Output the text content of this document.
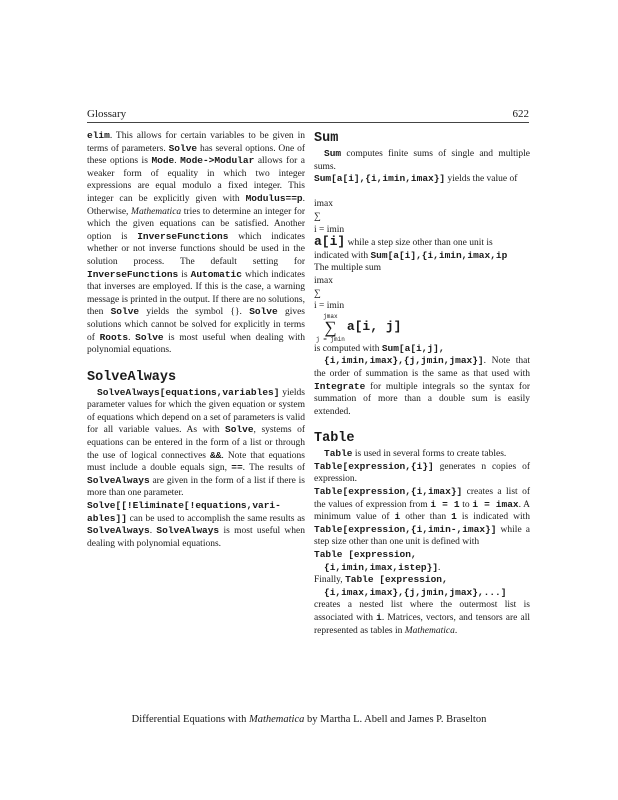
Glossary	622

elim. This allows for certain variables to be given in terms of parameters. Solve has several options. One of these options is Mode. Mode->Modular allows for a weaker form of equality in which two integer expressions are equal modulo a fixed integer. This integer can be explicitly given with Modulus==p. Otherwise, Mathematica tries to determine an integer for which the given equations can be satisfied. Another option is InverseFunctions which indicates whether or not inverse functions should be used in the solution process. The default setting for InverseFunctions is Automatic which indicates that inverses are employed. If this is the case, a warning message is printed in the output. If there are no solutions, then Solve yields the symbol {}. Solve gives solutions which cannot be solved for explicitly in terms of Roots. Solve is most useful when dealing with polynomial equations.

SolveAlways

SolveAlways[equations,variables] yields parameter values for which the given equation or system of equations which depend on a set of parameters is valid for all variable values. As with Solve, systems of equations can be entered in the form of a list or through the use of logical connectives &&. Note that equations must include a double equals sign, ==. The results of SolveAlways are given in the form of a list if there is more than one parameter.

Solve[[!Eliminate[!equations,vari-ables]] can be used to accomplish the same results as SolveAlways. SolveAlways is most useful when dealing with polynomial equations.

Sum

Sum computes finite sums of single and multiple sums.

Sum[a[i],{i,imin,imax}] yields the value of

imax
∑
i = imin
a[i] while a step size other than one unit is

indicated with Sum[a[i],{i,imin,imax,ip

The multiple sum

imax
∑
i = imin
jmax
∑
j = jmin
a[i, j]

is computed with Sum[a[i,j],

{i,imin,imax},{j,jmin,jmax}]. Note that the order of summation is the same as that used with Integrate for multiple integrals so the syntax for summation of more than a double sum is easily extended.

Table

Table is used in several forms to create tables.

Table[expression,{i}] generates n copies of expression.

Table[expression,{i,imax}] creates a list of the values of expression from i = 1 to i = imax. A minimum value of i other than 1 is indicated with Table[expression,{i,imin-,imax}] while a step size other than one unit is defined with

Table [expression,

{i,imin,imax,istep}].

Finally, Table [expression,

{i,imax,imax},{j,jmin,jmax},...] creates a nested list where the outermost list is associated with i. Matrices, vectors, and tensors are all represented as tables in Mathematica.

Differential Equations with Mathematica by Martha L. Abell and James P. Braselton
